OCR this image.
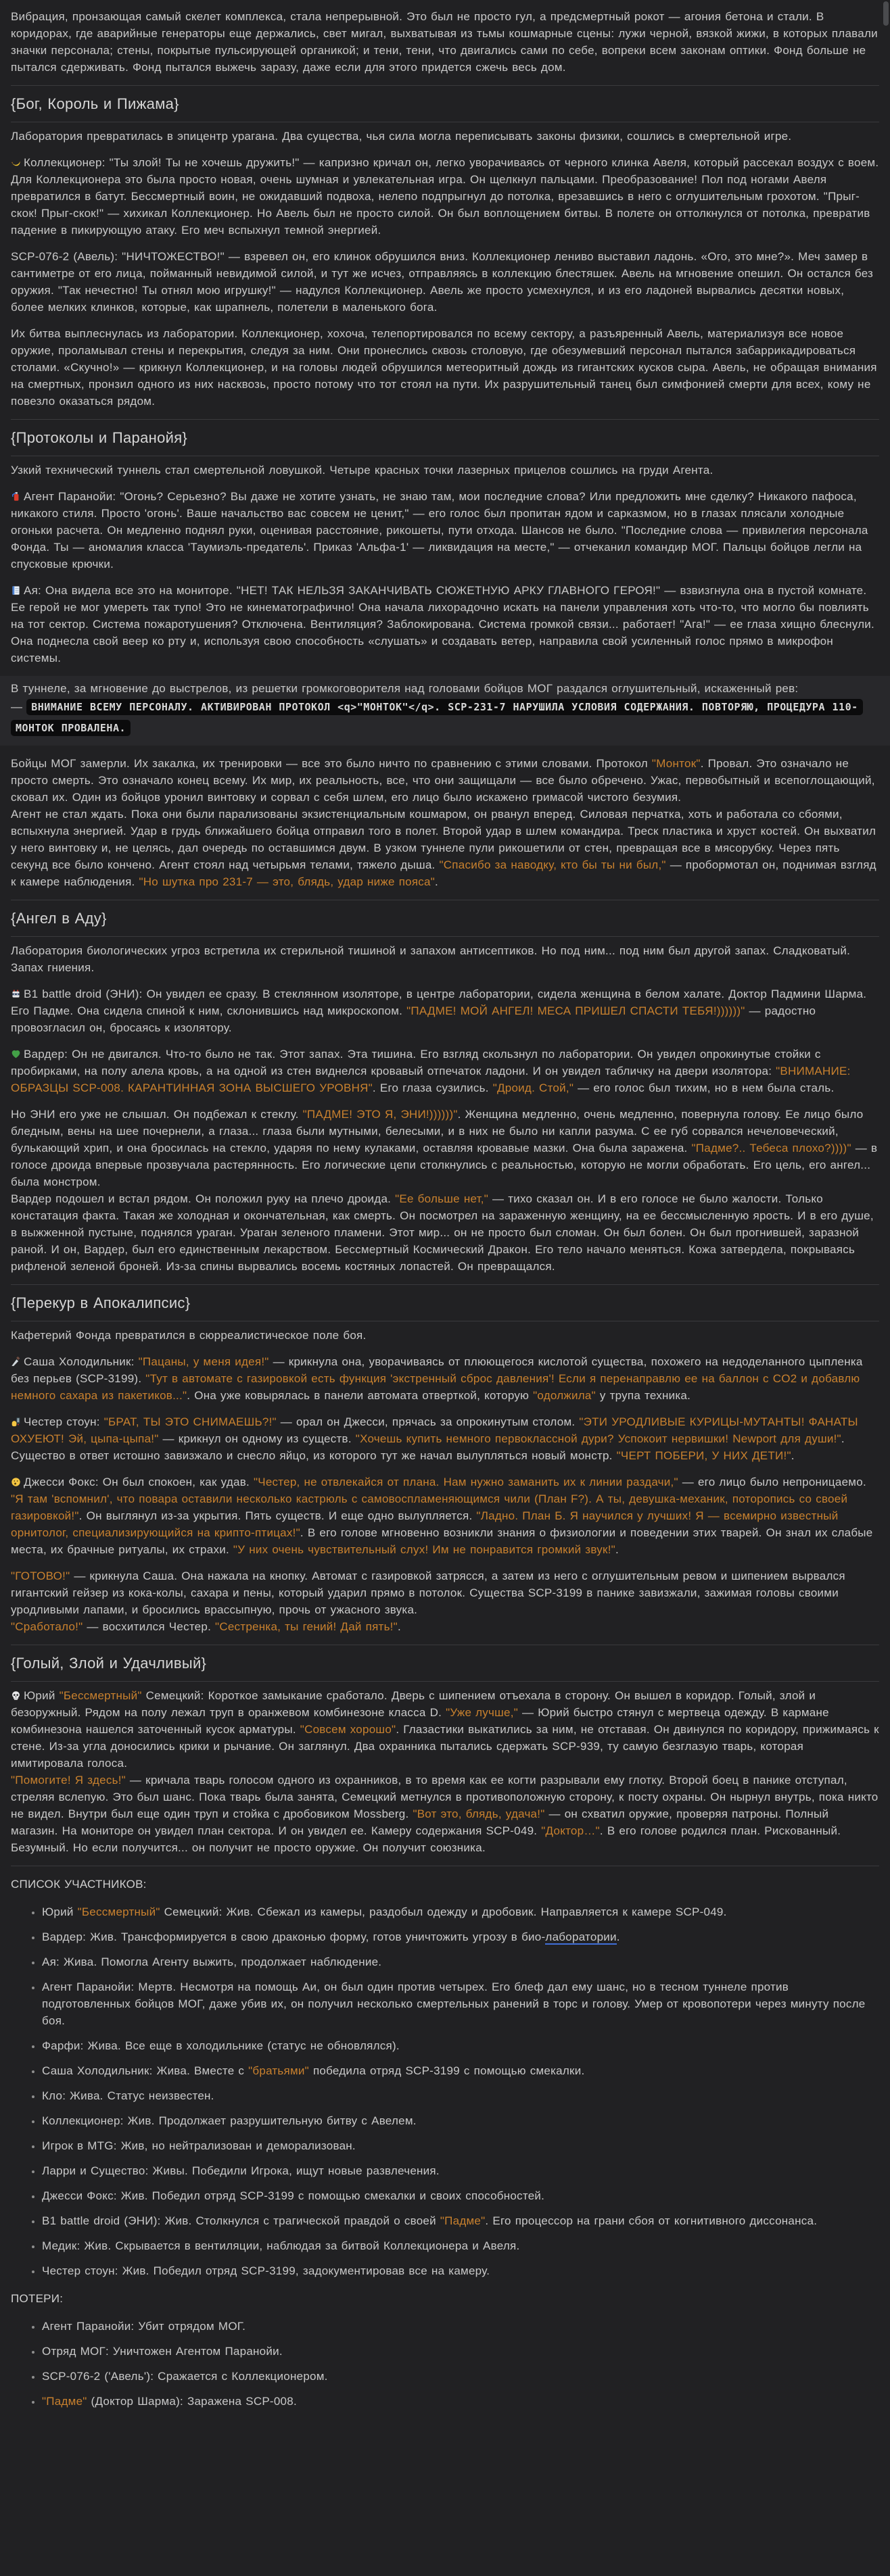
Вибрация, пронзающая самый скелет комплекса, стала непрерывной. Это был не просто гул, а предсмертный рокот — агония бетона и стали. В коридорах, где аварийные генераторы еще держались, свет мигал, выхватывая из тьмы кошмарные сцены: лужи черной, вязкой жижи, в которых плавали значки персонала; стены, покрытые пульсирующей органикой; и тени, тени, что двигались сами по себе, вопреки всем законам оптики. Фонд больше не пытался сдерживать. Фонд пытался выжечь заразу, даже если для этого придется сжечь весь дом.
{Бог, Король и Пижама}
Лаборатория превратилась в эпицентр урагана. Два существа, чья сила могла переписывать законы физики, сошлись в смертельной игре.
Коллекционер: "Ты злой! Ты не хочешь дружить!" — капризно кричал он, легко уворачиваясь от черного клинка Авеля, который рассекал воздух с воем. Для Коллекционера это была просто новая, очень шумная и увлекательная игра. Он щелкнул пальцами. Преобразование! Пол под ногами Авеля превратился в батут. Бессмертный воин, не ожидавший подвоха, нелепо подпрыгнул до потолка, врезавшись в него с оглушительным грохотом. "Прыг-скок! Прыг-скок!" — хихикал Коллекционер. Но Авель был не просто силой. Он был воплощением битвы. В полете он оттолкнулся от потолка, превратив падение в пикирующую атаку. Его меч вспыхнул темной энергией.
SCP-076-2 (Авель): "НИЧТОЖЕСТВО!" — взревел он, его клинок обрушился вниз. Коллекционер лениво выставил ладонь. «Ого, это мне?». Меч замер в сантиметре от его лица, пойманный невидимой силой, и тут же исчез, отправляясь в коллекцию блестяшек. Авель на мгновение опешил. Он остался без оружия. "Так нечестно! Ты отнял мою игрушку!" — надулся Коллекционер. Авель же просто усмехнулся, и из его ладоней вырвались десятки новых, более мелких клинков, которые, как шрапнель, полетели в маленького бога.
Их битва выплеснулась из лаборатории. Коллекционер, хохоча, телепортировался по всему сектору, а разъяренный Авель, материализуя все новое оружие, проламывал стены и перекрытия, следуя за ним. Они пронеслись сквозь столовую, где обезумевший персонал пытался забаррикадироваться столами. «Скучно!» — крикнул Коллекционер, и на головы людей обрушился метеоритный дождь из гигантских кусков сыра. Авель, не обращая внимания на смертных, пронзил одного из них насквозь, просто потому что тот стоял на пути. Их разрушительный танец был симфонией смерти для всех, кому не повезло оказаться рядом.
{Протоколы и Паранойя}
Узкий технический туннель стал смертельной ловушкой. Четыре красных точки лазерных прицелов сошлись на груди Агента.
Агент Паранойи: "Огонь? Серьезно? Вы даже не хотите узнать, не знаю там, мои последние слова? Или предложить мне сделку? Никакого пафоса, никакого стиля. Просто 'огонь'. Ваше начальство вас совсем не ценит," — его голос был пропитан ядом и сарказмом, но в глазах плясали холодные огоньки расчета. Он медленно поднял руки, оценивая расстояние, рикошеты, пути отхода. Шансов не было. "Последние слова — привилегия персонала Фонда. Ты — аномалия класса 'Таумиэль-предатель'. Приказ 'Альфа-1' — ликвидация на месте," — отчеканил командир МОГ. Пальцы бойцов легли на спусковые крючки.
Ая: Она видела все это на мониторе. "НЕТ! ТАК НЕЛЬЗЯ ЗАКАНЧИВАТЬ СЮЖЕТНУЮ АРКУ ГЛАВНОГО ГЕРОЯ!" — взвизгнула она в пустой комнате. Ее герой не мог умереть так тупо! Это не кинематографично! Она начала лихорадочно искать на панели управления хоть что-то, что могло бы повлиять на тот сектор. Система пожаротушения? Отключена. Вентиляция? Заблокирована. Система громкой связи... работает! "Ага!" — ее глаза хищно блеснули. Она поднесла свой веер ко рту и, используя свою способность «слушать» и создавать ветер, направила свой усиленный голос прямо в микрофон системы.
В туннеле, за мгновение до выстрелов, из решетки громкоговорителя над головами бойцов МОГ раздался оглушительный, искаженный рев:
— ВНИМАНИЕ ВСЕМУ ПЕРСОНАЛУ. АКТИВИРОВАН ПРОТОКОЛ <q>"МОНТОК"</q>. SCP-231-7 НАРУШИЛА УСЛОВИЯ СОДЕРЖАНИЯ. ПОВТОРЯЮ, ПРОЦЕДУРА 110-МОНТОК ПРОВАЛЕНА.
Бойцы МОГ замерли. Их закалка, их тренировки — все это было ничто по сравнению с этими словами. Протокол "Монток". Провал. Это означало не просто смерть. Это означало конец всему. Их мир, их реальность, все, что они защищали — все было обречено. Ужас, первобытный и всепоглощающий, сковал их. Один из бойцов уронил винтовку и сорвал с себя шлем, его лицо было искажено гримасой чистого безумия.
Агент не стал ждать. Пока они были парализованы экзистенциальным кошмаром, он рванул вперед. Силовая перчатка, хоть и работала со сбоями, вспыхнула энергией. Удар в грудь ближайшего бойца отправил того в полет. Второй удар в шлем командира. Треск пластика и хруст костей. Он выхватил у него винтовку и, не целясь, дал очередь по оставшимся двум. В узком туннеле пули рикошетили от стен, превращая все в мясорубку. Через пять секунд все было кончено. Агент стоял над четырьмя телами, тяжело дыша. "Спасибо за наводку, кто бы ты ни был," — пробормотал он, поднимая взгляд к камере наблюдения. "Но шутка про 231-7 — это, блядь, удар ниже пояса".
{Ангел в Аду}
Лаборатория биологических угроз встретила их стерильной тишиной и запахом антисептиков. Но под ним... под ним был другой запах. Сладковатый. Запах гниения.
B1 battle droid (ЭНИ): Он увидел ее сразу. В стеклянном изоляторе, в центре лаборатории, сидела женщина в белом халате. Доктор Падмини Шарма. Его Падме. Она сидела спиной к ним, склонившись над микроскопом. "ПАДМЕ! МОЙ АНГЕЛ! МЕСА ПРИШЕЛ СПАСТИ ТЕБЯ!))))))" — радостно провозгласил он, бросаясь к изолятору.
Вардер: Он не двигался. Что-то было не так. Этот запах. Эта тишина. Его взгляд скользнул по лаборатории. Он увидел опрокинутые стойки с пробирками, на полу алела кровь, а на одной из стен виднелся кровавый отпечаток ладони. И он увидел табличку на двери изолятора: "ВНИМАНИЕ: ОБРАЗЦЫ SCP-008. КАРАНТИННАЯ ЗОНА ВЫСШЕГО УРОВНЯ". Его глаза сузились. "Дроид. Стой," — его голос был тихим, но в нем была сталь.
Но ЭНИ его уже не слышал. Он подбежал к стеклу. "ПАДМЕ! ЭТО Я, ЭНИ!))))))". Женщина медленно, очень медленно, повернула голову. Ее лицо было бледным, вены на шее почернели, а глаза... глаза были мутными, белесыми, и в них не было ни капли разума. С ее губ сорвался нечеловеческий, булькающий хрип, и она бросилась на стекло, ударяя по нему кулаками, оставляя кровавые мазки. Она была заражена. "Падме?.. Тебеса плохо?))))" — в голосе дроида впервые прозвучала растерянность. Его логические цепи столкнулись с реальностью, которую не могли обработать. Его цель, его ангел... была монстром.
Вардер подошел и встал рядом. Он положил руку на плечо дроида. "Ее больше нет," — тихо сказал он. И в его голосе не было жалости. Только констатация факта. Такая же холодная и окончательная, как смерть. Он посмотрел на зараженную женщину, на ее бессмысленную ярость. И в его душе, в выжженной пустыне, поднялся ураган. Ураган зеленого пламени. Этот мир... он не просто был сломан. Он был болен. Он был прогнившей, заразной раной. И он, Вардер, был его единственным лекарством. Бессмертный Космический Дракон. Его тело начало меняться. Кожа затвердела, покрываясь рифленой зеленой броней. Из-за спины вырвались восемь костяных лопастей. Он превращался.
{Перекур в Апокалипсис}
Кафетерий Фонда превратился в сюрреалистическое поле боя.
Саша Холодильник: "Пацаны, у меня идея!" — крикнула она, уворачиваясь от плюющегося кислотой существа, похожего на недоделанного цыпленка без перьев (SCP-3199). "Тут в автомате с газировкой есть функция 'экстренный сброс давления'! Если я перенаправлю ее на баллон с CO2 и добавлю немного сахара из пакетиков...". Она уже ковырялась в панели автомата отверткой, которую "одолжила" у трупа техника.
Честер стоун: "БРАТ, ТЫ ЭТО СНИМАЕШЬ?!" — орал он Джесси, прячась за опрокинутым столом. "ЭТИ УРОДЛИВЫЕ КУРИЦЫ-МУТАНТЫ! ФАНАТЫ ОХУЕЮТ! Эй, цыпа-цыпа!" — крикнул он одному из существ. "Хочешь купить немного первоклассной дури? Успокоит нервишки! Newport для души!". Существо в ответ истошно завизжало и снесло яйцо, из которого тут же начал вылупляться новый монстр. "ЧЕРТ ПОБЕРИ, У НИХ ДЕТИ!".
Джесси Фокс: Он был спокоен, как удав. "Честер, не отвлекайся от плана. Нам нужно заманить их к линии раздачи," — его лицо было непроницаемо. "Я там 'вспомнил', что повара оставили несколько кастрюль с самовоспламеняющимся чили (План F?). А ты, девушка-механик, поторопись со своей газировкой!". Он выглянул из-за укрытия. Пять существ. И еще одно вылупляется. "Ладно. План Б. Я научился у лучших! Я — всемирно известный орнитолог, специализирующийся на крипто-птицах!". В его голове мгновенно возникли знания о физиологии и поведении этих тварей. Он знал их слабые места, их брачные ритуалы, их страхи. "У них очень чувствительный слух! Им не понравится громкий звук!".
"ГОТОВО!" — крикнула Саша. Она нажала на кнопку. Автомат с газировкой затрясся, а затем из него с оглушительным ревом и шипением вырвался гигантский гейзер из кока-колы, сахара и пены, который ударил прямо в потолок. Существа SCP-3199 в панике завизжали, зажимая головы своими уродливыми лапами, и бросились врассыпную, прочь от ужасного звука.
"Сработало!" — восхитился Честер. "Сестренка, ты гений! Дай пять!".
{Голый, Злой и Удачливый}
Юрий "Бессмертный" Семецкий: Короткое замыкание сработало. Дверь с шипением отъехала в сторону. Он вышел в коридор. Голый, злой и безоружный. Рядом на полу лежал труп в оранжевом комбинезоне класса D. "Уже лучше," — Юрий быстро стянул с мертвеца одежду. В кармане комбинезона нашелся заточенный кусок арматуры. "Совсем хорошо". Глазастики выкатились за ним, не отставая. Он двинулся по коридору, прижимаясь к стене. Из-за угла доносились крики и рычание. Он заглянул. Два охранника пытались сдержать SCP-939, ту самую безглазую тварь, которая имитировала голоса.
"Помогите! Я здесь!" — кричала тварь голосом одного из охранников, в то время как ее когти разрывали ему глотку. Второй боец в панике отступал, стреляя вслепую. Это был шанс. Пока тварь была занята, Семецкий метнулся в противоположную сторону, к посту охраны. Он нырнул внутрь, пока никто не видел. Внутри был еще один труп и стойка с дробовиком Mossberg. "Вот это, блядь, удача!" — он схватил оружие, проверяя патроны. Полный магазин. На мониторе он увидел план сектора. И он увидел ее. Камеру содержания SCP-049. "Доктор…". В его голове родился план. Рискованный. Безумный. Но если получится... он получит не просто оружие. Он получит союзника.
СПИСОК УЧАСТНИКОВ:
• Юрий "Бессмертный" Семецкий: Жив. Сбежал из камеры, раздобыл одежду и дробовик. Направляется к камере SCP-049.
• Вардер: Жив. Трансформируется в свою драконью форму, готов уничтожить угрозу в био-лаборатории.
• Ая: Жива. Помогла Агенту выжить, продолжает наблюдение.
• Агент Паранойи: Мертв. Несмотря на помощь Аи, он был один против четырех. Его блеф дал ему шанс, но в тесном туннеле против подготовленных бойцов МОГ, даже убив их, он получил несколько смертельных ранений в торс и голову. Умер от кровопотери через минуту после боя.
• Фарфи: Жива. Все еще в холодильнике (статус не обновлялся).
• Саша Холодильник: Жива. Вместе с "братьями" победила отряд SCP-3199 с помощью смекалки.
• Кло: Жива. Статус неизвестен.
• Коллекционер: Жив. Продолжает разрушительную битву с Авелем.
• Игрок в MTG: Жив, но нейтрализован и деморализован.
• Ларри и Существо: Живы. Победили Игрока, ищут новые развлечения.
• Джесси Фокс: Жив. Победил отряд SCP-3199 с помощью смекалки и своих способностей.
• B1 battle droid (ЭНИ): Жив. Столкнулся с трагической правдой о своей "Падме". Его процессор на грани сбоя от когнитивного диссонанса.
• Медик: Жив. Скрывается в вентиляции, наблюдая за битвой Коллекционера и Авеля.
• Честер стоун: Жив. Победил отряд SCP-3199, задокументировав все на камеру.
ПОТЕРИ:
• Агент Паранойи: Убит отрядом МОГ.
• Отряд МОГ: Уничтожен Агентом Паранойи.
• SCP-076-2 ('Авель'): Сражается с Коллекционером.
• "Падме" (Доктор Шарма): Заражена SCP-008.
